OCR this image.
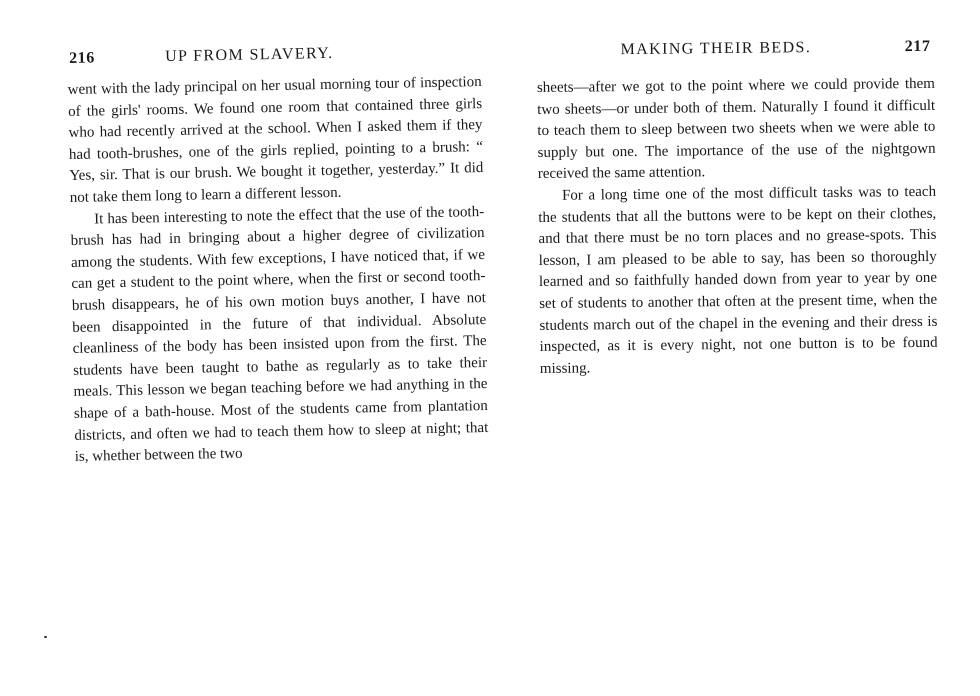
216	UP FROM SLAVERY.

went with the lady principal on her usual morning tour of inspection of the girls' rooms. We found one room that contained three girls who had recently arrived at the school. When I asked them if they had tooth-brushes, one of the girls replied, pointing to a brush: “ Yes, sir. That is our brush. We bought it together, yesterday.” It did not take them long to learn a different lesson.

It has been interesting to note the effect that the use of the tooth-brush has had in bringing about a higher degree of civilization among the students. With few exceptions, I have noticed that, if we can get a student to the point where, when the first or second tooth-brush disappears, he of his own motion buys another, I have not been disappointed in the future of that individual. Absolute cleanliness of the body has been insisted upon from the first. The students have been taught to bathe as regularly as to take their meals. This lesson we began teaching before we had anything in the shape of a bath-house. Most of the students came from plantation districts, and often we had to teach them how to sleep at night; that is, whether between the two

MAKING THEIR BEDS.	217

sheets—after we got to the point where we could provide them two sheets—or under both of them. Naturally I found it difficult to teach them to sleep between two sheets when we were able to supply but one. The importance of the use of the nightgown received the same attention.

For a long time one of the most difficult tasks was to teach the students that all the buttons were to be kept on their clothes, and that there must be no torn places and no grease-spots. This lesson, I am pleased to be able to say, has been so thoroughly learned and so faithfully handed down from year to year by one set of students to another that often at the present time, when the students march out of the chapel in the evening and their dress is inspected, as it is every night, not one button is to be found missing.
